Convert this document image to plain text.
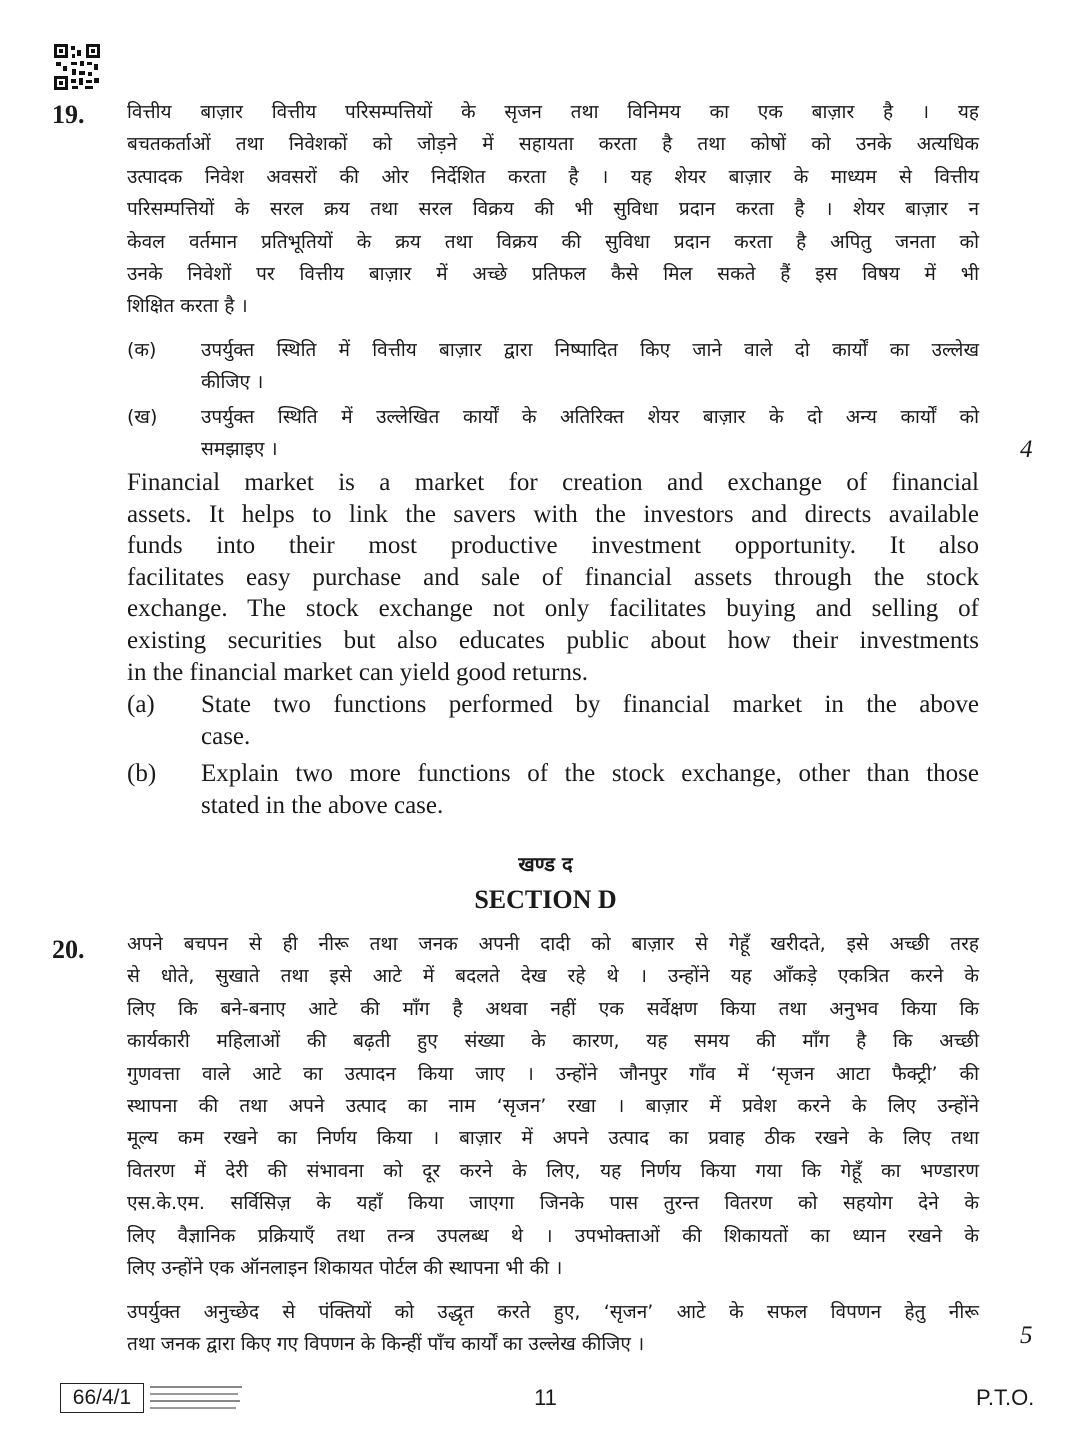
19. वित्तीय बाज़ार वित्तीय परिसम्पत्तियों के सृजन तथा विनिमय का एक बाज़ार है । यह
बचतकर्ताओं तथा निवेशकों को जोड़ने में सहायता करता है तथा कोषों को उनके अत्यधिक
उत्पादक निवेश अवसरों की ओर निर्देशित करता है । यह शेयर बाज़ार के माध्यम से वित्तीय
परिसम्पत्तियों के सरल क्रय तथा सरल विक्रय की भी सुविधा प्रदान करता है । शेयर बाज़ार न
केवल वर्तमान प्रतिभूतियों के क्रय तथा विक्रय की सुविधा प्रदान करता है अपितु जनता को
उनके निवेशों पर वित्तीय बाज़ार में अच्छे प्रतिफल कैसे मिल सकते हैं इस विषय में भी
शिक्षित करता है ।
(क) उपर्युक्त स्थिति में वित्तीय बाज़ार द्वारा निष्पादित किए जाने वाले दो कार्यों का उल्लेख
कीजिए ।
(ख) उपर्युक्त स्थिति में उल्लेखित कार्यों के अतिरिक्त शेयर बाज़ार के दो अन्य कार्यों को
समझाइए ।	4
Financial market is a market for creation and exchange of financial
assets. It helps to link the savers with the investors and directs available
funds into their most productive investment opportunity. It also
facilitates easy purchase and sale of financial assets through the stock
exchange. The stock exchange not only facilitates buying and selling of
existing securities but also educates public about how their investments
in the financial market can yield good returns.
(a) State two functions performed by financial market in the above
case.
(b) Explain two more functions of the stock exchange, other than those
stated in the above case.
खण्ड द
SECTION D
20. अपने बचपन से ही नीरू तथा जनक अपनी दादी को बाज़ार से गेहूँ खरीदते, इसे अच्छी तरह
से धोते, सुखाते तथा इसे आटे में बदलते देख रहे थे । उन्होंने यह आँकड़े एकत्रित करने के
लिए कि बने-बनाए आटे की माँग है अथवा नहीं एक सर्वेक्षण किया तथा अनुभव किया कि
कार्यकारी महिलाओं की बढ़ती हुए संख्या के कारण, यह समय की माँग है कि अच्छी
गुणवत्ता वाले आटे का उत्पादन किया जाए । उन्होंने जौनपुर गाँव में ‘सृजन आटा फैक्ट्री’ की
स्थापना की तथा अपने उत्पाद का नाम ‘सृजन’ रखा । बाज़ार में प्रवेश करने के लिए उन्होंने
मूल्य कम रखने का निर्णय किया । बाज़ार में अपने उत्पाद का प्रवाह ठीक रखने के लिए तथा
वितरण में देरी की संभावना को दूर करने के लिए, यह निर्णय किया गया कि गेहूँ का भण्डारण
एस.के.एम. सर्विसिज़ के यहाँ किया जाएगा जिनके पास तुरन्त वितरण को सहयोग देने के
लिए वैज्ञानिक प्रक्रियाएँ तथा तन्त्र उपलब्ध थे । उपभोक्ताओं की शिकायतों का ध्यान रखने के
लिए उन्होंने एक ऑनलाइन शिकायत पोर्टल की स्थापना भी की ।
उपर्युक्त अनुच्छेद से पंक्तियों को उद्धृत करते हुए, ‘सृजन’ आटे के सफल विपणन हेतु नीरू
तथा जनक द्वारा किए गए विपणन के किन्हीं पाँच कार्यों का उल्लेख कीजिए ।	5
66/4/1	11	P.T.O.
